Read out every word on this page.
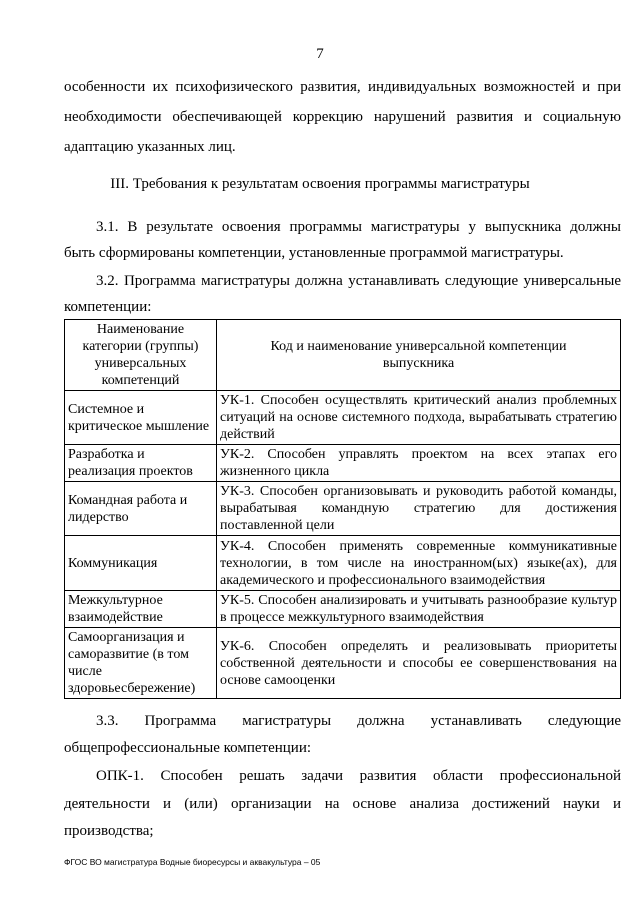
7
особенности их психофизического развития, индивидуальных возможностей и при
необходимости обеспечивающей коррекцию нарушений развития и социальную
адаптацию указанных лиц.
III. Требования к результатам освоения программы магистратуры
3.1. В результате освоения программы магистратуры у выпускника должны
быть сформированы компетенции, установленные программой магистратуры.
3.2. Программа магистратуры должна устанавливать следующие универсальные
компетенции:
Наименование категории (группы) универсальных компетенций	Код и наименование универсальной компетенции выпускника
Системное и критическое мышление	УК-1. Способен осуществлять критический анализ проблемных ситуаций на основе системного подхода, вырабатывать стратегию действий
Разработка и реализация проектов	УК-2. Способен управлять проектом на всех этапах его жизненного цикла
Командная работа и лидерство	УК-3. Способен организовывать и руководить работой команды, вырабатывая командную стратегию для достижения поставленной цели
Коммуникация	УК-4. Способен применять современные коммуникативные технологии, в том числе на иностранном(ых) языке(ах), для академического и профессионального взаимодействия
Межкультурное взаимодействие	УК-5. Способен анализировать и учитывать разнообразие культур в процессе межкультурного взаимодействия
Самоорганизация и саморазвитие (в том числе здоровьесбережение)	УК-6. Способен определять и реализовывать приоритеты собственной деятельности и способы ее совершенствования на основе самооценки
3.3. Программа магистратуры должна устанавливать следующие
общепрофессиональные компетенции:
ОПК-1. Способен решать задачи развития области профессиональной
деятельности и (или) организации на основе анализа достижений науки и
производства;
ФГОС ВО магистратура Водные биоресурсы и аквакультура – 05
